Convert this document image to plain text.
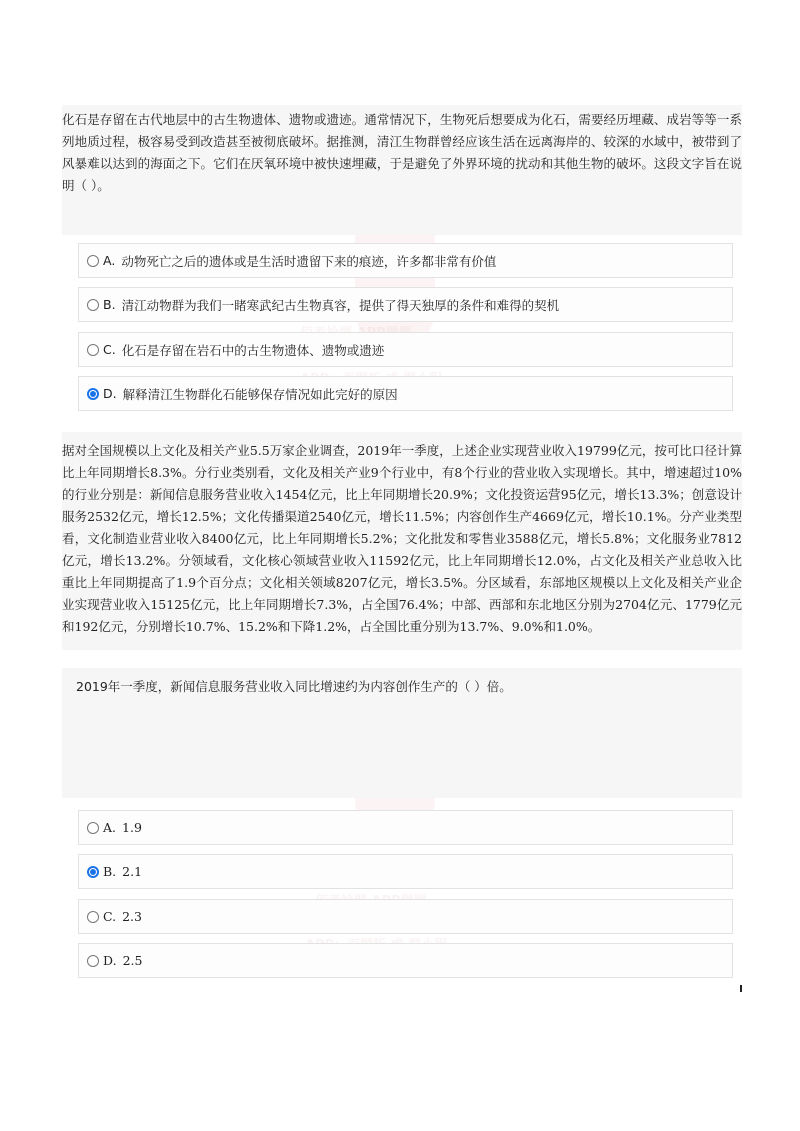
化石是存留在古代地层中的古生物遗体、遗物或遗迹。通常情况下，生物死后想要成为化石，需要经历埋藏、成岩等等一系列地质过程，极容易受到改造甚至被彻底破坏。据推测，清江生物群曾经应该生活在远离海岸的、较深的水域中，被带到了风暴难以达到的海面之下。它们在厌氧环境中被快速埋藏，于是避免了外界环境的扰动和其他生物的破坏。这段文字旨在说明（ ）。
A. 动物死亡之后的遗体或是生活时遗留下来的痕迹，许多都非常有价值
B. 清江动物群为我们一睹寒武纪古生物真容，提供了得天独厚的条件和难得的契机
C. 化石是存留在岩石中的古生物遗体、遗物或遗迹
D. 解释清江生物群化石能够保存情况如此完好的原因
据对全国规模以上文化及相关产业5.5万家企业调查，2019年一季度，上述企业实现营业收入19799亿元，按可比口径计算比上年同期增长8.3%。分行业类别看，文化及相关产业9个行业中，有8个行业的营业收入实现增长。其中，增速超过10%的行业分别是：新闻信息服务营业收入1454亿元，比上年同期增长20.9%；文化投资运营95亿元，增长13.3%；创意设计服务2532亿元，增长12.5%；文化传播渠道2540亿元，增长11.5%；内容创作生产4669亿元，增长10.1%。分产业类型看，文化制造业营业收入8400亿元，比上年同期增长5.2%；文化批发和零售业3588亿元，增长5.8%；文化服务业7812亿元，增长13.2%。分领域看，文化核心领域营业收入11592亿元，比上年同期增长12.0%，占文化及相关产业总收入比重比上年同期提高了1.9个百分点；文化相关领域8207亿元，增长3.5%。分区域看，东部地区规模以上文化及相关产业企业实现营业收入15125亿元，比上年同期增长7.3%，占全国76.4%；中部、西部和东北地区分别为2704亿元、1779亿元和192亿元，分别增长10.7%、15.2%和下降1.2%，占全国比重分别为13.7%、9.0%和1.0%。
2019年一季度，新闻信息服务营业收入同比增速约为内容创作生产的（ ）倍。
A. 1.9
B. 2.1
C. 2.3
D. 2.5
